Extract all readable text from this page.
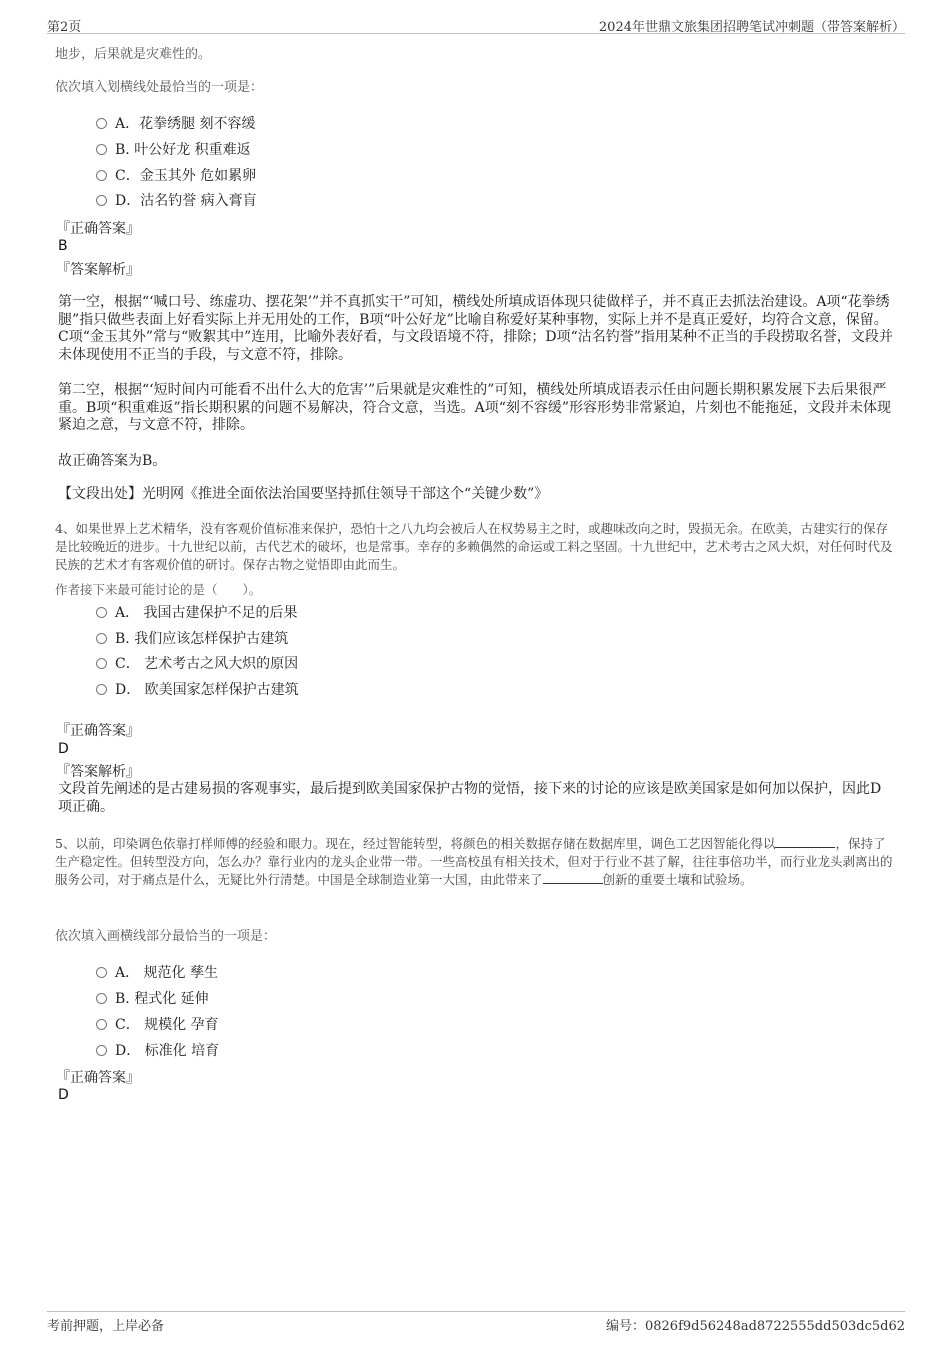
第2页	2024年世鼎文旅集团招聘笔试冲刺题（带答案解析）
地步，后果就是灾难性的。
依次填入划横线处最恰当的一项是：
A．花拳绣腿 刻不容缓
B. 叶公好龙 积重难返
C．金玉其外 危如累卵
D．沽名钓誉 病入膏肓
『正确答案』
B
『答案解析』
第一空，根据“‘喊口号、练虚功、摆花架’”并不真抓实干”可知，横线处所填成语体现只徒做样子，并不真正去抓法治建设。A项“花拳绣腿”指只做些表面上好看实际上并无用处的工作，B项“叶公好龙”比喻自称爱好某种事物，实际上并不是真正爱好，均符合文意，保留。C项“金玉其外”常与“败絮其中”连用，比喻外表好看，与文段语境不符，排除；D项“沽名钓誉”指用某种不正当的手段捞取名誉，文段并未体现使用不正当的手段，与文意不符，排除。
第二空，根据“‘短时间内可能看不出什么大的危害’”后果就是灾难性的”可知，横线处所填成语表示任由问题长期积累发展下去后果很严重。B项“积重难返”指长期积累的问题不易解决，符合文意，当选。A项“刻不容缓”形容形势非常紧迫，片刻也不能拖延，文段并未体现紧迫之意，与文意不符，排除。
故正确答案为B。
【文段出处】光明网《推进全面依法治国要坚持抓住领导干部这个“关键少数”》
4、如果世界上艺术精华，没有客观价值标准来保护，恐怕十之八九均会被后人在权势易主之时，或趣味改向之时，毁损无余。在欧美，古建实行的保存是比较晚近的进步。十九世纪以前，古代艺术的破坏，也是常事。幸存的多赖偶然的命运或工料之坚固。十九世纪中，艺术考古之风大炽，对任何时代及民族的艺术才有客观价值的研讨。保存古物之觉悟即由此而生。
作者接下来最可能讨论的是（　　）。
A． 我国古建保护不足的后果
B. 我们应该怎样保护古建筑
C． 艺术考古之风大炽的原因
D． 欧美国家怎样保护古建筑
『正确答案』
D
『答案解析』
文段首先阐述的是古建易损的客观事实，最后提到欧美国家保护古物的觉悟，接下来的讨论的应该是欧美国家是如何加以保护，因此D项正确。
5、以前，印染调色依靠打样师傅的经验和眼力。现在，经过智能转型，将颜色的相关数据存储在数据库里，调色工艺因智能化得以	，保持了生产稳定性。但转型没方向，怎么办？靠行业内的龙头企业带一带。一些高校虽有相关技术，但对于行业不甚了解，往往事倍功半，而行业龙头剥离出的服务公司，对于痛点是什么，无疑比外行清楚。中国是全球制造业第一大国，由此带来了	创新的重要土壤和试验场。
依次填入画横线部分最恰当的一项是：
A． 规范化 孳生
B. 程式化 延伸
C． 规模化 孕育
D． 标准化 培育
『正确答案』
D
考前押题，上岸必备	编号：0826f9d56248ad8722555dd503dc5d62
